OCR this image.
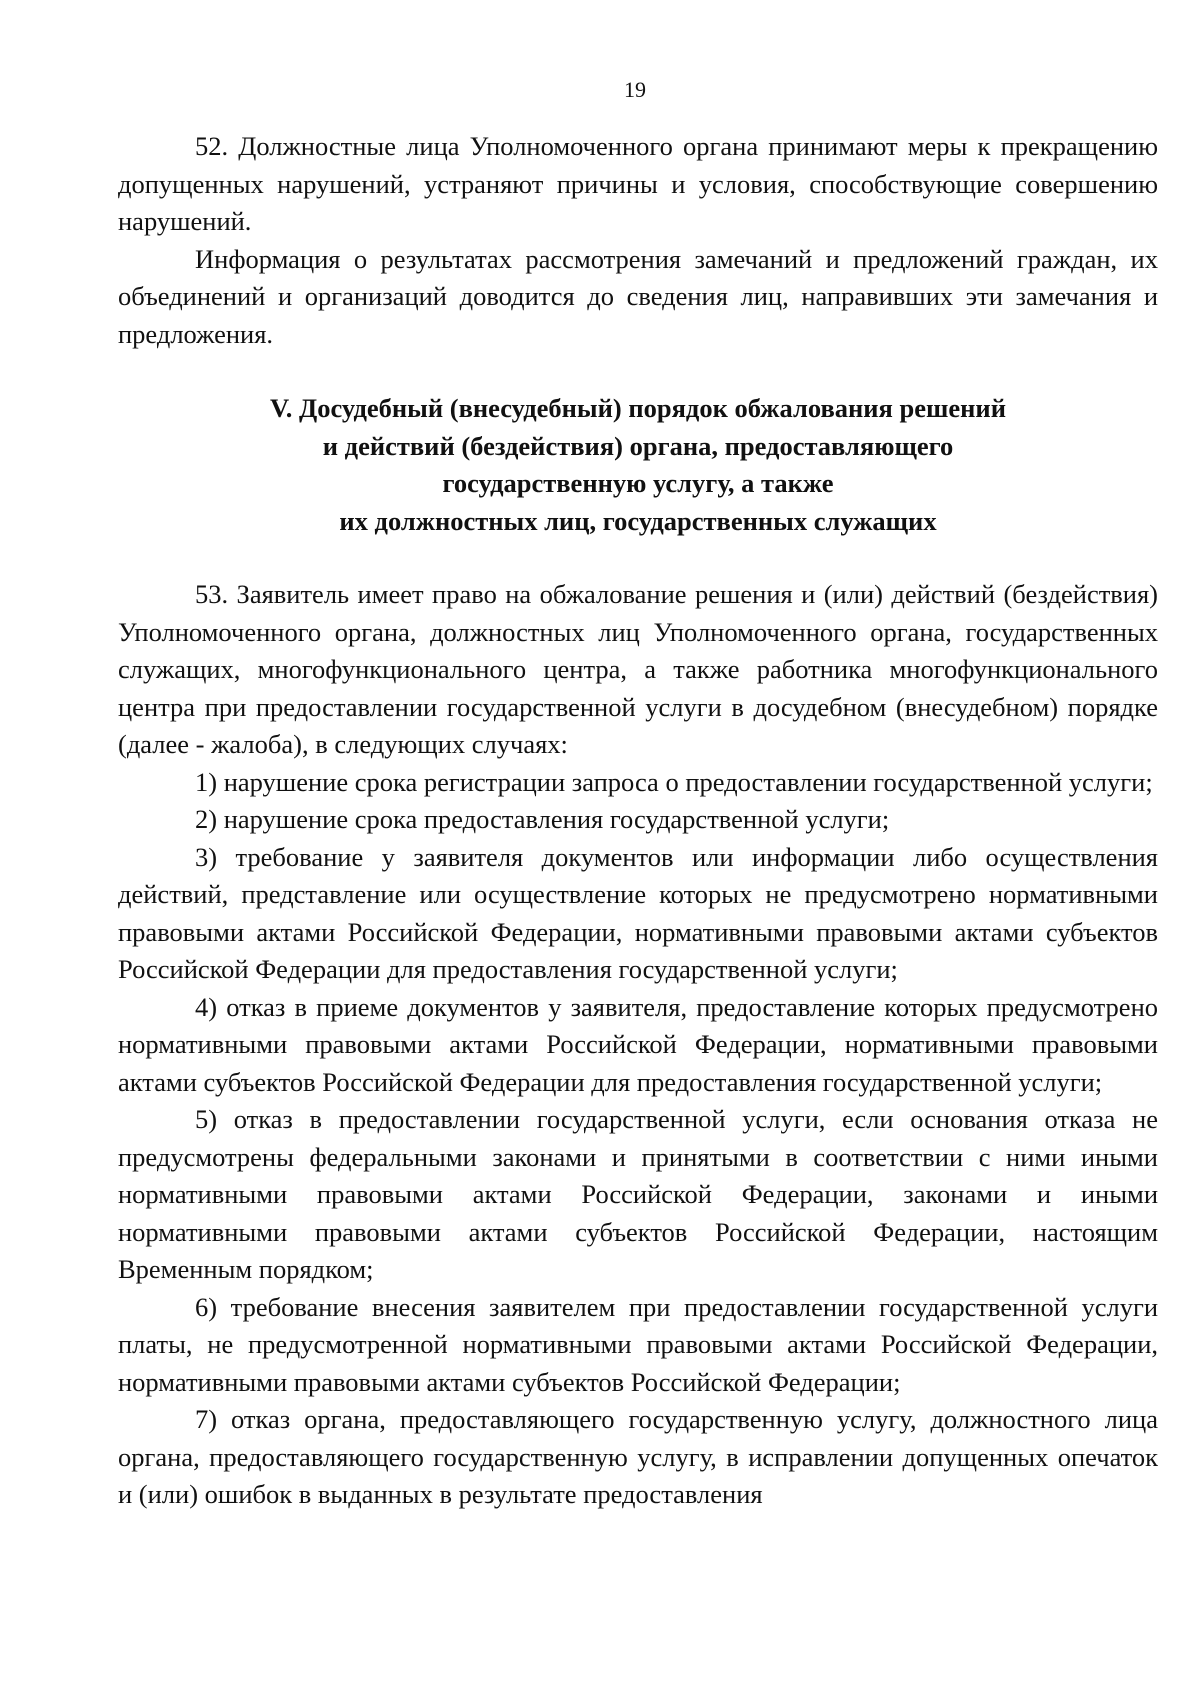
19

52. Должностные лица Уполномоченного органа принимают меры к прекращению допущенных нарушений, устраняют причины и условия, способствующие совершению нарушений.

Информация о результатах рассмотрения замечаний и предложений граждан, их объединений и организаций доводится до сведения лиц, направивших эти замечания и предложения.

V. Досудебный (внесудебный) порядок обжалования решений
и действий (бездействия) органа, предоставляющего
государственную услугу, а также
их должностных лиц, государственных служащих

53. Заявитель имеет право на обжалование решения и (или) действий (бездействия) Уполномоченного органа, должностных лиц Уполномоченного органа, государственных служащих, многофункционального центра, а также работника многофункционального центра при предоставлении государственной услуги в досудебном (внесудебном) порядке (далее - жалоба), в следующих случаях:

1) нарушение срока регистрации запроса о предоставлении государственной услуги;

2) нарушение срока предоставления государственной услуги;

3) требование у заявителя документов или информации либо осуществления действий, представление или осуществление которых не предусмотрено нормативными правовыми актами Российской Федерации, нормативными правовыми актами субъектов Российской Федерации для предоставления государственной услуги;

4) отказ в приеме документов у заявителя, предоставление которых предусмотрено нормативными правовыми актами Российской Федерации, нормативными правовыми актами субъектов Российской Федерации для предоставления государственной услуги;

5) отказ в предоставлении государственной услуги, если основания отказа не предусмотрены федеральными законами и принятыми в соответствии с ними иными нормативными правовыми актами Российской Федерации, законами и иными нормативными правовыми актами субъектов Российской Федерации, настоящим Временным порядком;

6) требование внесения заявителем при предоставлении государственной услуги платы, не предусмотренной нормативными правовыми актами Российской Федерации, нормативными правовыми актами субъектов Российской Федерации;

7) отказ органа, предоставляющего государственную услугу, должностного лица органа, предоставляющего государственную услугу, в исправлении допущенных опечаток и (или) ошибок в выданных в результате предоставления
